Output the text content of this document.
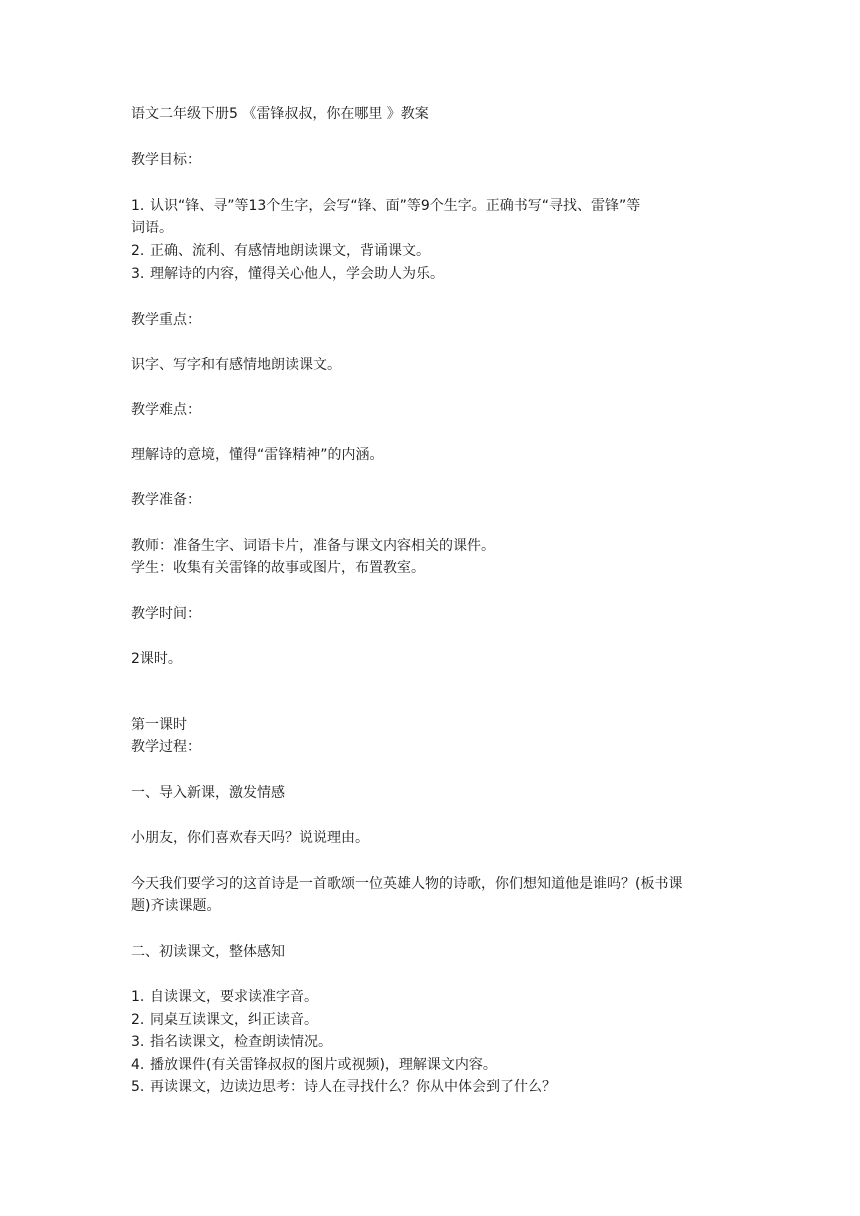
语文二年级下册5 《雷锋叔叔，你在哪里 》教案
教学目标：
1. 认识“锋、寻”等13个生字，会写“锋、面”等9个生字。正确书写“寻找、雷锋”等
词语。
2. 正确、流利、有感情地朗读课文，背诵课文。
3. 理解诗的内容，懂得关心他人，学会助人为乐。
教学重点：
识字、写字和有感情地朗读课文。
教学难点：
理解诗的意境，懂得“雷锋精神”的内涵。
教学准备：
教师：准备生字、词语卡片，准备与课文内容相关的课件。
学生：收集有关雷锋的故事或图片，布置教室。
教学时间：
2课时。
第一课时
教学过程：
一、导入新课，激发情感
小朋友，你们喜欢春天吗？说说理由。
今天我们要学习的这首诗是一首歌颂一位英雄人物的诗歌，你们想知道他是谁吗？(板书课
题)齐读课题。
二、初读课文，整体感知
1. 自读课文，要求读准字音。
2. 同桌互读课文，纠正读音。
3. 指名读课文，检查朗读情况。
4. 播放课件(有关雷锋叔叔的图片或视频)，理解课文内容。
5. 再读课文，边读边思考：诗人在寻找什么？你从中体会到了什么？
